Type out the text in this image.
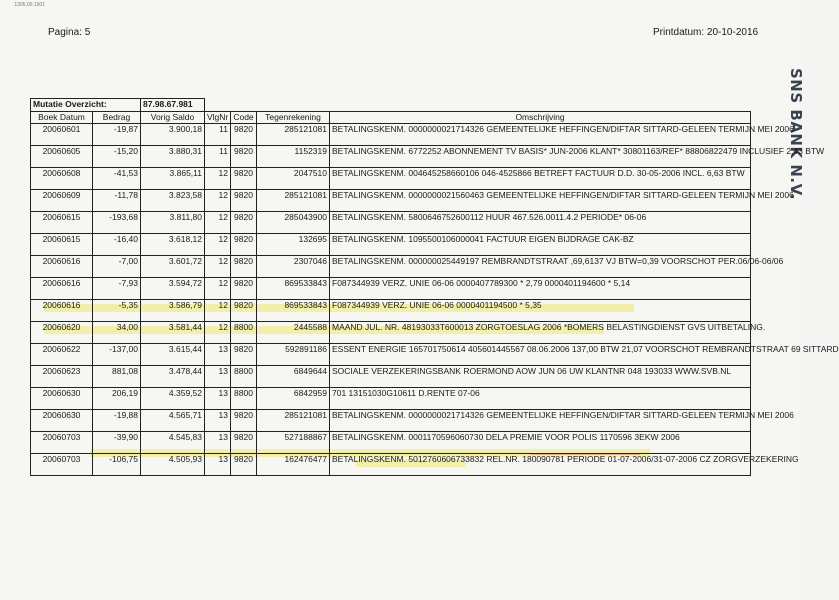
.1305.00.1501
Pagina: 5	Printdatum: 20-10-2016
SNS BANK N.V.
Mutatie Overzicht:		87.98.67.981				
Boek Datum	Bedrag	Vorig Saldo	VlgNr	Code	Tegenrekening	Omschrijving
20060601	-19,87	3.900,18	11	9820	285121081	BETALINGSKENM. 0000000021714326 GEMEENTELIJKE HEFFINGEN/DIFTAR SITTARD-GELEEN TERMIJN MEI 2006
20060605	-15,20	3.880,31	11	9820	1152319	BETALINGSKENM. 6772252 ABONNEMENT TV BASIS* JUN-2006 KLANT* 30801163/REF* 88806822479 INCLUSIEF 2,43 BTW
20060608	-41,53	3.865,11	12	9820	2047510	BETALINGSKENM. 004645258660106 046-4525866 BETREFT FACTUUR D.D. 30-05-2006 INCL. 6,63 BTW
20060609	-11,78	3.823,58	12	9820	285121081	BETALINGSKENM. 0000000021560463 GEMEENTELIJKE HEFFINGEN/DIFTAR SITTARD-GELEEN TERMIJN MEI 2006
20060615	-193,68	3.811,80	12	9820	285043900	BETALINGSKENM. 5800646752600112 HUUR 467.526.0011.4.2 PERIODE* 06-06
20060615	-16,40	3.618,12	12	9820	132695	BETALINGSKENM. 1095500106000041 FACTUUR EIGEN BIJDRAGE CAK-BZ
20060616	-7,00	3.601,72	12	9820	2307046	BETALINGSKENM. 000000025449197 REMBRANDTSTRAAT ,69,6137 VJ BTW=0,39 VOORSCHOT PER.06/06-06/06
20060616	-7,93	3.594,72	12	9820	869533843	F087344939 VERZ. UNIE 06-06 0000407789300 * 2,79 0000401194600 * 5,14
20060616	-5,35	3.586,79	12	9820	869533843	F087344939 VERZ. UNIE 06-06 0000401194500 * 5,35
20060620	34,00	3.581,44	12	8800	2445588	MAAND JUL. NR. 48193033T600013 ZORGTOESLAG 2006 *BOMERS BELASTINGDIENST GVS UITBETALING.
20060622	-137,00	3.615,44	13	9820	592891186	ESSENT ENERGIE 165701750614 405601445567 08.06.2006 137,00 BTW 21,07 VOORSCHOT REMBRANDTSTRAAT 69 SITTARD
20060623	881,08	3.478,44	13	8800	6849644	SOCIALE VERZEKERINGSBANK ROERMOND AOW JUN 06 UW KLANTNR 048 193033 WWW.SVB.NL
20060630	206,19	4.359,52	13	8800	6842959	701 13151030G10611 D.RENTE 07-06
20060630	-19,88	4.565,71	13	9820	285121081	BETALINGSKENM. 0000000021714326 GEMEENTELIJKE HEFFINGEN/DIFTAR SITTARD-GELEEN TERMIJN MEI 2006
20060703	-39,90	4.545,83	13	9820	527188867	BETALINGSKENM. 0001170596060730 DELA PREMIE VOOR POLIS 1170596 3EKW 2006
20060703	-106,75	4.505,93	13	9820	162476477	BETALINGSKENM. 5012760606733832 REL.NR. 180090781 PERIODE 01-07-2006/31-07-2006 CZ ZORGVERZEKERING
